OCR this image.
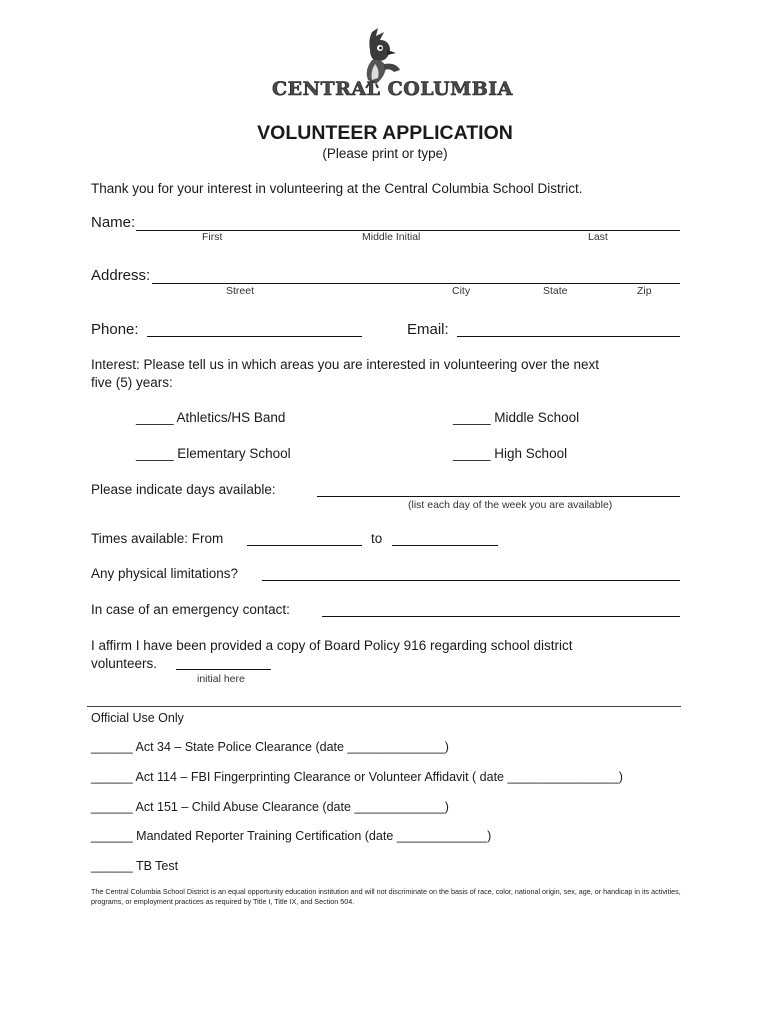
CENTRAL COLUMBIA
VOLUNTEER APPLICATION
(Please print or type)
Thank you for your interest in volunteering at the Central Columbia School District.
Name:
First	Middle Initial	Last
Address:
Street	City	State	Zip
Phone:	Email:
Interest: Please tell us in which areas you are interested in volunteering over the next
five (5) years:
_____ Athletics/HS Band	_____ Middle School
_____ Elementary School	_____ High School
Please indicate days available:
(list each day of the week you are available)
Times available: From	to
Any physical limitations?
In case of an emergency contact:
I affirm I have been provided a copy of Board Policy 916 regarding school district
volunteers.
initial here
Official Use Only
______ Act 34 – State Police Clearance (date ______________)
______ Act 114 – FBI Fingerprinting Clearance or Volunteer Affidavit ( date ________________)
______ Act 151 – Child Abuse Clearance (date _____________)
______ Mandated Reporter Training Certification (date _____________)
______ TB Test
The Central Columbia School District is an equal opportunity education institution and will not discriminate on the basis of race, color, national origin, sex, age, or handicap in its activities, programs, or employment practices as required by Title I, Title IX, and Section 504.
